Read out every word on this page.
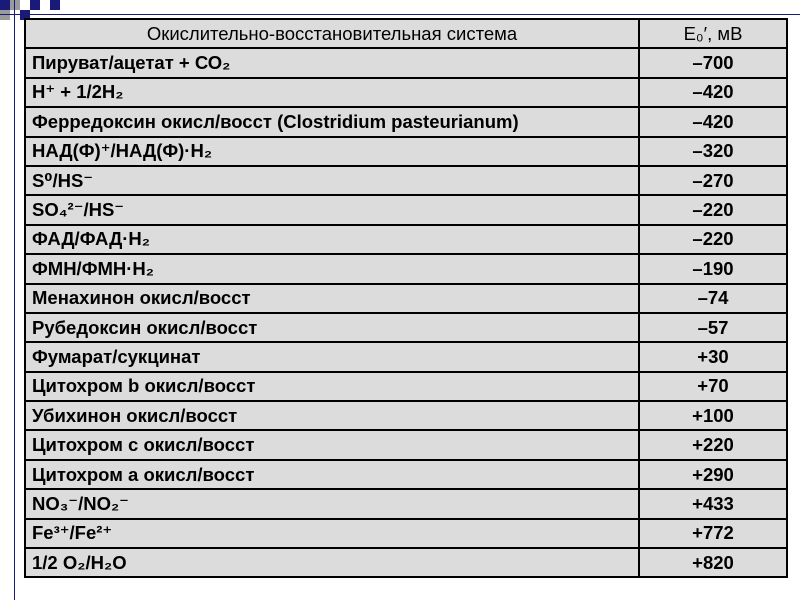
Окислительно-восстановительная система	E₀′, мВ
Пируват/ацетат + СО₂	–700
H⁺ + 1/2H₂	–420
Ферредоксин окисл/восст (Clostridium pasteurianum)	–420
НАД(Ф)⁺/НАД(Ф)·Н₂	–320
S⁰/HS⁻	–270
SO₄²⁻/HS⁻	–220
ФАД/ФАД·Н₂	–220
ФМН/ФМН·Н₂	–190
Менахинон окисл/восст	–74
Рубедоксин окисл/восст	–57
Фумарат/сукцинат	+30
Цитохром b окисл/восст	+70
Убихинон окисл/восст	+100
Цитохром c окисл/восст	+220
Цитохром a окисл/восст	+290
NO₃⁻/NO₂⁻	+433
Fe³⁺/Fe²⁺	+772
1/2 O₂/H₂O	+820
